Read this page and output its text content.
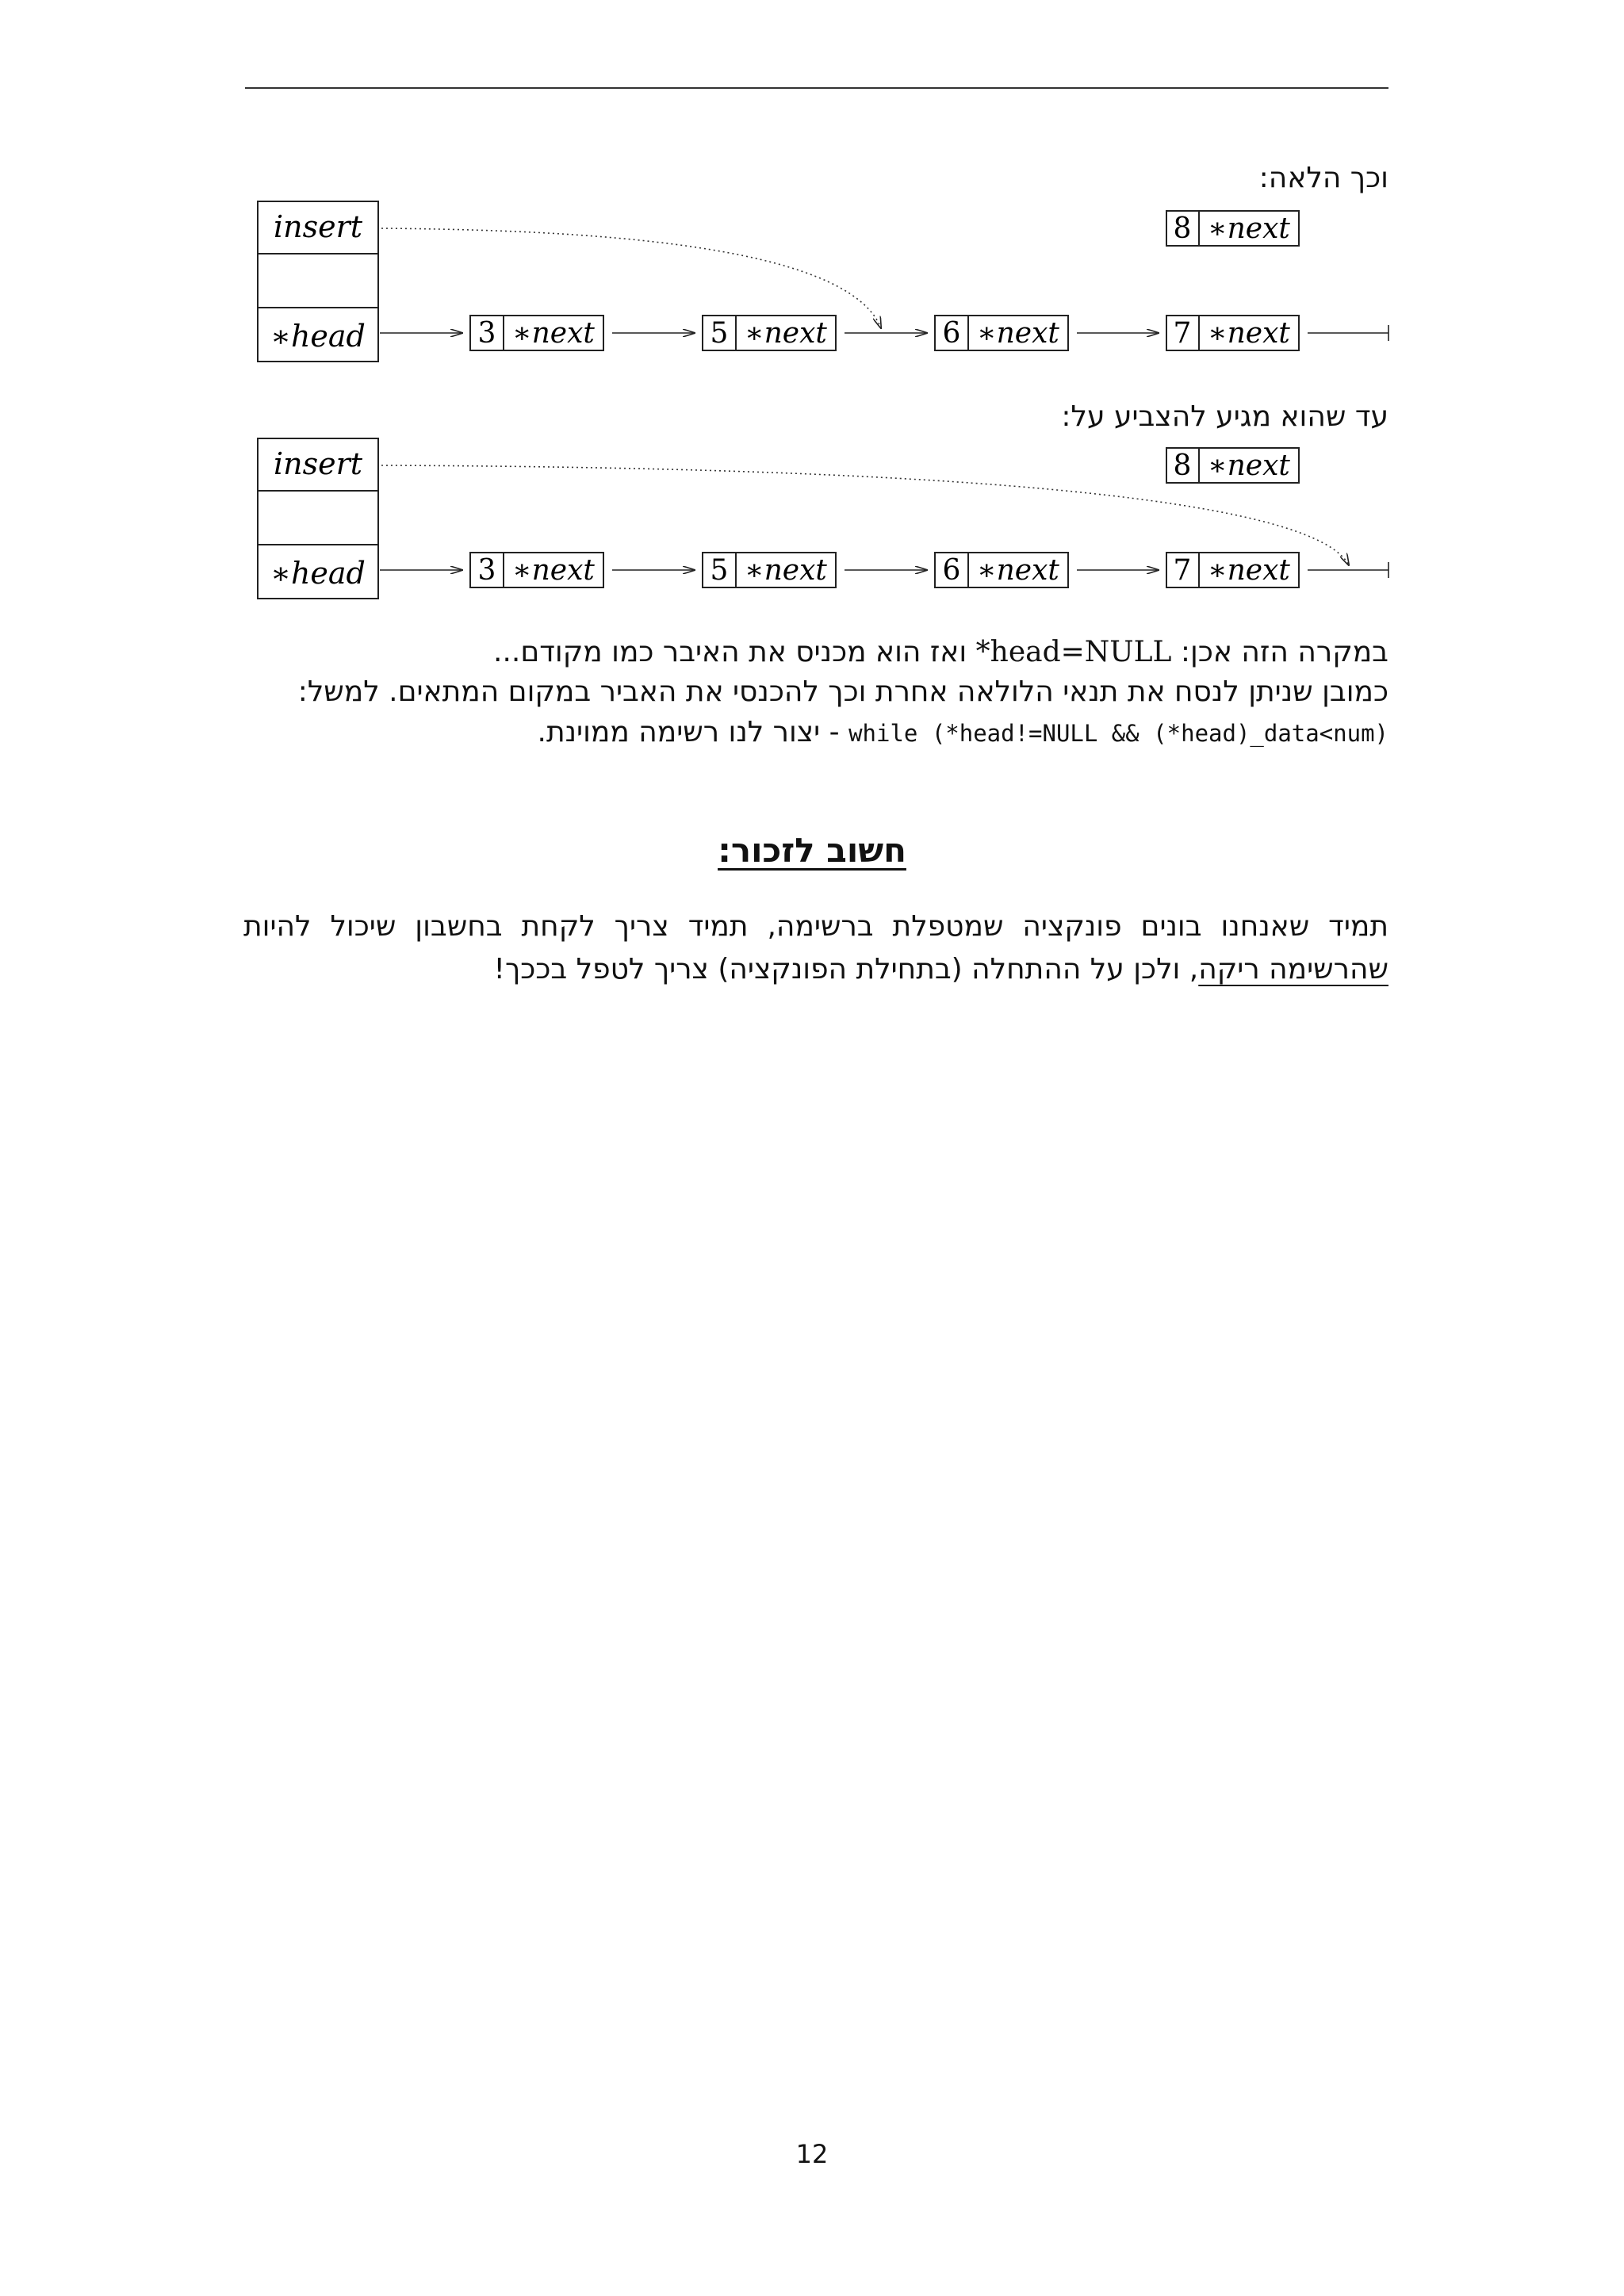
וכך הלאה:
insert
∗head
8 ∗next
3 ∗next	5 ∗next	6 ∗next	7 ∗next
עד שהוא מגיע להצביע על:
insert
∗head
8 ∗next
3 ∗next	5 ∗next	6 ∗next	7 ∗next
במקרה הזה אכן: *head=NULL ואז הוא מכניס את האיבר כמו מקודם...
כמובן שניתן לנסח את תנאי הלולאה אחרת וכך להכנסי את האביר במקום המתאים. למשל:
while (*head!=NULL && (*head)_data<num) - יצור לנו רשימה ממוינת.
חשוב לזכור:
תמיד שאנחנו בונים פונקציה שמטפלת ברשימה, תמיד צריך לקחת בחשבון שיכול להיות
שהרשימה ריקה, ולכן על ההתחלה (בתחילת הפונקציה) צריך לטפל בככך!
12
